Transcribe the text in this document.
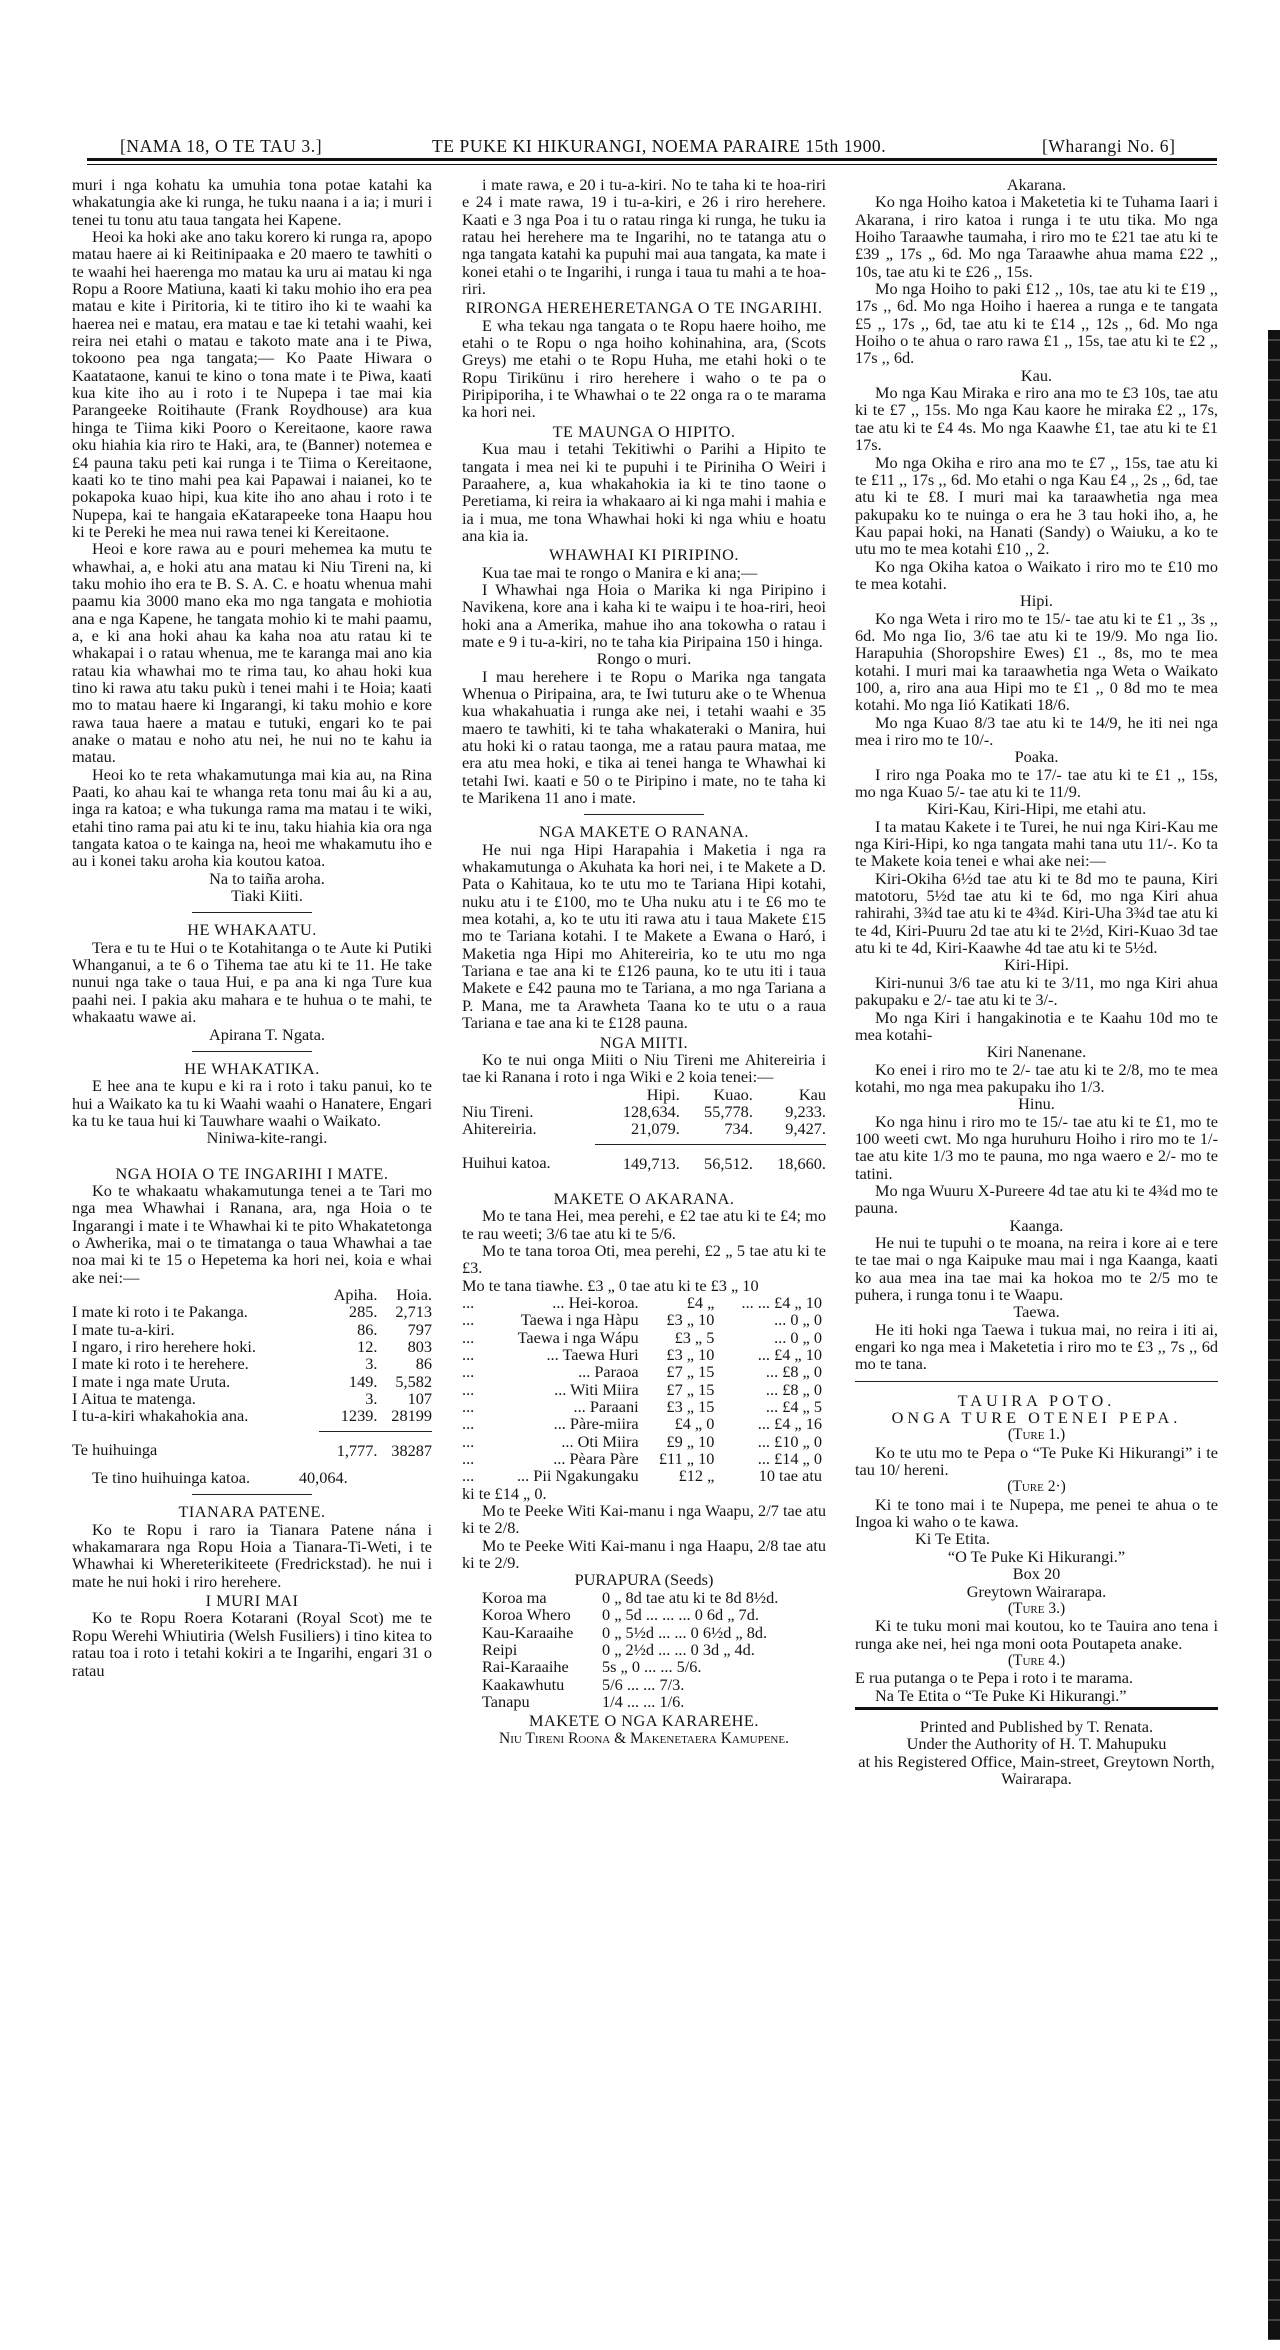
[NAMA 18, O TE TAU 3.]	TE PUKE KI HIKURANGI, NOEMA PARAIRE 15th 1900.	[Wharangi No. 6]

muri i nga kohatu ka umuhia tona potae katahi ka whakatungia ake ki runga, he tuku naana i a ia; i muri i tenei tu tonu atu taua tangata hei Kapene.

Heoi ka hoki ake ano taku korero ki runga ra, apopo matau haere ai ki Reitinipaaka e 20 maero te tawhiti o te waahi hei haerenga mo matau ka uru ai matau ki nga Ropu a Roore Matiuna, kaati ki taku mohio iho era pea matau e kite i Piritoria, ki te titiro iho ki te waahi ka haerea nei e matau, era matau e tae ki tetahi waahi, kei reira nei etahi o matau e takoto mate ana i te Piwa, tokoono pea nga tangata;— Ko Paate Hiwara o Kaatataone, kanui te kino o tona mate i te Piwa, kaati kua kite iho au i roto i te Nupepa i tae mai kia Parangeeke Roitihaute (Frank Roydhouse) ara kua hinga te Tiima kiki Pooro o Kereitaone, kaore rawa oku hiahia kia riro te Haki, ara, te (Banner) notemea e £4 pauna taku peti kai runga i te Tiima o Kereitaone, kaati ko te tino mahi pea kai Papawai i naianei, ko te pokapoka kuao hipi, kua kite iho ano ahau i roto i te Nupepa, kai te hangaia eKatarapeeke tona Haapu hou ki te Pereki he mea nui rawa tenei ki Kereitaone.

Heoi e kore rawa au e pouri mehemea ka mutu te whawhai, a, e hoki atu ana matau ki Niu Tireni na, ki taku mohio iho era te B. S. A. C. e hoatu whenua mahi paamu kia 3000 mano eka mo nga tangata e mohiotia ana e nga Kapene, he tangata mohio ki te mahi paamu, a, e ki ana hoki ahau ka kaha noa atu ratau ki te whakapai i o ratau whenua, me te karanga mai ano kia ratau kia whawhai mo te rima tau, ko ahau hoki kua tino ki rawa atu taku pukù i tenei mahi i te Hoia; kaati mo to matau haere ki Ingarangi, ki taku mohio e kore rawa taua haere a matau e tutuki, engari ko te pai anake o matau e noho atu nei, he nui no te kahu ia matau.

Heoi ko te reta whakamutunga mai kia au, na Rina Paati, ko ahau kai te whanga reta tonu mai âu ki a au, inga ra katoa; e wha tukunga rama ma matau i te wiki, etahi tino rama pai atu ki te inu, taku hiahia kia ora nga tangata katoa o te kainga na, heoi me whakamutu iho e au i konei taku aroha kia koutou katoa.

Na to taiña aroha.

Tiaki Kiiti.

HE WHAKAATU.

Tera e tu te Hui o te Kotahitanga o te Aute ki Putiki Whanganui, a te 6 o Tihema tae atu ki te 11. He take nunui nga take o taua Hui, e pa ana ki nga Ture kua paahi nei. I pakia aku mahara e te huhua o te mahi, te whakaatu wawe ai.

Apirana T. Ngata.

HE WHAKATIKA.

E hee ana te kupu e ki ra i roto i taku panui, ko te hui a Waikato ka tu ki Waahi waahi o Hanatere, Engari ka tu ke taua hui ki Tauwhare waahi o Waikato.

Niniwa-kite-rangi.

NGA HOIA O TE INGARIHI I MATE.

Ko te whakaatu whakamutunga tenei a te Tari mo nga mea Whawhai i Ranana, ara, nga Hoia o te Ingarangi i mate i te Whawhai ki te pito Whakatetonga o Awherika, mai o te timatanga o taua Whawhai a tae noa mai ki te 15 o Hepetema ka hori nei, koia e whai ake nei:—

	Apiha.	Hoia.
I mate ki roto i te Pakanga.	285.	2,713
I mate tu-a-kiri.	86.	797
I ngaro, i riro herehere hoki.	12.	803
I mate ki roto i te herehere.	3.	86
I mate i nga mate Uruta.	149.	5,582
I Aitua te matenga.	3.	107
I tu-a-kiri whakahokia ana.	1239.	28199

Te huihuinga	1,777.	38287
Te tino huihuinga katoa.   	40,064.

TIANARA PATENE.

Ko te Ropu i raro ia Tianara Patene nána i whakamarara nga Ropu Hoia a Tianara-Ti-Weti, i te Whawhai ki Whereterikiteete (Fredrickstad). he nui i mate he nui hoki i riro herehere.

I MURI MAI

Ko te Ropu Roera Kotarani (Royal Scot) me te Ropu Werehi Whiutiria (Welsh Fusiliers) i tino kitea to ratau toa i roto i tetahi kokiri a te Ingarihi, engari 31 o ratau

i mate rawa, e 20 i tu-a-kiri. No te taha ki te hoa-riri e 24 i mate rawa, 19 i tu-a-kiri, e 26 i riro herehere. Kaati e 3 nga Poa i tu o ratau ringa ki runga, he tuku ia ratau hei herehere ma te Ingarihi, no te tatanga atu o nga tangata katahi ka pupuhi mai aua tangata, ka mate i konei etahi o te Ingarihi, i runga i taua tu mahi a te hoa-riri.

RIRONGA HEREHERETANGA O TE INGARIHI.

E wha tekau nga tangata o te Ropu haere hoiho, me etahi o te Ropu o nga hoiho kohinahina, ara, (Scots Greys) me etahi o te Ropu Huha, me etahi hoki o te Ropu Tirikünu i riro herehere i waho o te pa o Piripiporiha, i te Whawhai o te 22 onga ra o te marama ka hori nei.

TE MAUNGA O HIPITO.

Kua mau i tetahi Tekitiwhi o Parihi a Hipito te tangata i mea nei ki te pupuhi i te Piriniha O Weiri i Paraahere, a, kua whakahokia ia ki te tino taone o Peretiama, ki reira ia whakaaro ai ki nga mahi i mahia e ia i mua, me tona Whawhai hoki ki nga whiu e hoatu ana kia ia.

WHAWHAI KI PIRIPINO.

Kua tae mai te rongo o Manira e ki ana;—

I Whawhai nga Hoia o Marika ki nga Piripino i Navikena, kore ana i kaha ki te waipu i te hoa-riri, heoi hoki ana a Amerika, mahue iho ana tokowha o ratau i mate e 9 i tu-a-kiri, no te taha kia Piripaina 150 i hinga.

Rongo o muri.

I mau herehere i te Ropu o Marika nga tangata Whenua o Piripaina, ara, te Iwi tuturu ake o te Whenua kua whakahuatia i runga ake nei, i tetahi waahi e 35 maero te tawhiti, ki te taha whakateraki o Manira, hui atu hoki ki o ratau taonga, me a ratau paura mataa, me era atu mea hoki, e tika ai tenei hanga te Whawhai ki tetahi Iwi. kaati e 50 o te Piripino i mate, no te taha ki te Marikena 11 ano i mate.

NGA MAKETE O RANANA.

He nui nga Hipi Harapahia i Maketia i nga ra whakamutunga o Akuhata ka hori nei, i te Makete a D. Pata o Kahitaua, ko te utu mo te Tariana Hipi kotahi, nuku atu i te £100, mo te Uha nuku atu i te £6 mo te mea kotahi, a, ko te utu iti rawa atu i taua Makete £15 mo te Tariana kotahi. I te Makete a Ewana o Haró, i Maketia nga Hipi mo Ahitereiria, ko te utu mo nga Tariana e tae ana ki te £126 pauna, ko te utu iti i taua Makete e £42 pauna mo te Tariana, a mo nga Tariana a P. Mana, me ta Arawheta Taana ko te utu o a raua Tariana e tae ana ki te £128 pauna.

NGA MIITI.

Ko te nui onga Miiti o Niu Tireni me Ahitereiria i tae ki Ranana i roto i nga Wiki e 2 koia tenei:—

	Hipi.	Kuao.	Kau
Niu Tireni.	128,634.	55,778.	9,233.
Ahitereiria.	21,079.	734.	9,427.

Huihui katoa.	149,713.	56,512.	18,660.

MAKETE O AKARANA.

Mo te tana Hei, mea perehi, e £2 tae atu ki te £4; mo te rau weeti; 3/6 tae atu ki te 5/6.

Mo te tana toroa Oti, mea perehi, £2 „ 5 tae atu ki te £3.

Mo te tana tiawhe. £3 „ 0 tae atu ki te £3 „ 10

...	... Hei-koroa.	£4 „	... ... £4 „ 10
...	Taewa i nga Hàpu	£3 „ 10	... 0 „ 0
...	Taewa i nga Wápu	£3 „ 5	... 0 „ 0
...	... Taewa Huri	£3 „ 10	... £4 „ 10
...	... Paraoa	£7 „ 15	... £8 „ 0
...	... Witi Miira	£7 „ 15	... £8 „ 0
...	... Paraani	£3 „ 15	... £4 „ 5
...	... Pàre-miira	£4 „ 0	... £4 „ 16
...	... Oti Miira	£9 „ 10	... £10 „ 0
...	... Pèara Pàre	£11 „ 10	... £14 „ 0
...	... Pii Ngakungaku	£12 „	10 tae atu

ki te £14 „ 0.

Mo te Peeke Witi Kai-manu i nga Waapu, 2/7 tae atu ki te 2/8.

Mo te Peeke Witi Kai-manu i nga Haapu, 2/8 tae atu ki te 2/9.

PURAPURA (Seeds)

Koroa ma	0 „ 8d tae atu ki te 8d 8½d.
Koroa Whero	0 „ 5d ... ... ... 0 6d „ 7d.
Kau-Karaaihe	0 „ 5½d ... ... 0 6½d „ 8d.
Reipi	0 „ 2½d ... ... 0 3d „ 4d.
Rai-Karaaihe	5s „ 0 ... ... 5/6.
Kaakawhutu	5/6 ... ... 7/3.
Tanapu	1/4 ... ... 1/6.

MAKETE O NGA KARAREHE.

Niu Tireni Roona & Makenetaera Kamupene.

Akarana.

Ko nga Hoiho katoa i Maketetia ki te Tuhama Iaari i Akarana, i riro katoa i runga i te utu tika. Mo nga Hoiho Taraawhe taumaha, i riro mo te £21 tae atu ki te £39 „ 17s „ 6d. Mo nga Taraawhe ahua mama £22 ,, 10s, tae atu ki te £26 ,, 15s.

Mo nga Hoiho to paki £12 ,, 10s, tae atu ki te £19 ,, 17s ,, 6d. Mo nga Hoiho i haerea a runga e te tangata £5 ,, 17s ,, 6d, tae atu ki te £14 ,, 12s ,, 6d. Mo nga Hoiho o te ahua o raro rawa £1 ,, 15s, tae atu ki te £2 ,, 17s ,, 6d.

Kau.

Mo nga Kau Miraka e riro ana mo te £3 10s, tae atu ki te £7 ,, 15s. Mo nga Kau kaore he miraka £2 ,, 17s, tae atu ki te £4 4s. Mo nga Kaawhe £1, tae atu ki te £1 17s.

Mo nga Okiha e riro ana mo te £7 ,, 15s, tae atu ki te £11 ,, 17s ,, 6d. Mo etahi o nga Kau £4 ,, 2s ,, 6d, tae atu ki te £8. I muri mai ka taraawhetia nga mea pakupaku ko te nuinga o era he 3 tau hoki iho, a, he Kau papai hoki, na Hanati (Sandy) o Waiuku, a ko te utu mo te mea kotahi £10 ,, 2.

Ko nga Okiha katoa o Waikato i riro mo te £10 mo te mea kotahi.

Hipi.

Ko nga Weta i riro mo te 15/- tae atu ki te £1 ,, 3s ,, 6d. Mo nga Iio, 3/6 tae atu ki te 19/9. Mo nga Iio. Harapuhia (Shoropshire Ewes) £1 ., 8s, mo te mea kotahi. I muri mai ka taraawhetia nga Weta o Waikato 100, a, riro ana aua Hipi mo te £1 ,, 0 8d mo te mea kotahi. Mo nga Iió Katikati 18/6.

Mo nga Kuao 8/3 tae atu ki te 14/9, he iti nei nga mea i riro mo te 10/-.

Poaka.

I riro nga Poaka mo te 17/- tae atu ki te £1 ,, 15s, mo nga Kuao 5/- tae atu ki te 11/9.

Kiri-Kau, Kiri-Hipi, me etahi atu.

I ta matau Kakete i te Turei, he nui nga Kiri-Kau me nga Kiri-Hipi, ko nga tangata mahi tana utu 11/-. Ko ta te Makete koia tenei e whai ake nei:—

Kiri-Okiha 6½d tae atu ki te 8d mo te pauna, Kiri matotoru, 5½d tae atu ki te 6d, mo nga Kiri ahua rahirahi, 3¾d tae atu ki te 4¾d. Kiri-Uha 3¾d tae atu ki te 4d, Kiri-Puuru 2d tae atu ki te 2½d, Kiri-Kuao 3d tae atu ki te 4d, Kiri-Kaawhe 4d tae atu ki te 5½d.

Kiri-Hipi.

Kiri-nunui 3/6 tae atu ki te 3/11, mo nga Kiri ahua pakupaku e 2/- tae atu ki te 3/-.

Mo nga Kiri i hangakinotia e te Kaahu 10d mo te mea kotahi-

Kiri Nanenane.

Ko enei i riro mo te 2/- tae atu ki te 2/8, mo te mea kotahi, mo nga mea pakupaku iho 1/3.

Hinu.

Ko nga hinu i riro mo te 15/- tae atu ki te £1, mo te 100 weeti cwt. Mo nga huruhuru Hoiho i riro mo te 1/- tae atu kite 1/3 mo te pauna, mo nga waero e 2/- mo te tatini.

Mo nga Wuuru X-Pureere 4d tae atu ki te 4¾d mo te pauna.

Kaanga.

He nui te tupuhi o te moana, na reira i kore ai e tere te tae mai o nga Kaipuke mau mai i nga Kaanga, kaati ko aua mea ina tae mai ka hokoa mo te 2/5 mo te puhera, i runga tonu i te Waapu.

Taewa.

He iti hoki nga Taewa i tukua mai, no reira i iti ai, engari ko nga mea i Maketetia i riro mo te £3 ,, 7s ,, 6d mo te tana.

TAUIRA POTO.

ONGA TURE OTENEI PEPA.

(Ture 1.)

Ko te utu mo te Pepa o “Te Puke Ki Hikurangi” i te tau 10/ hereni.

(Ture 2·)

Ki te tono mai i te Nupepa, me penei te ahua o te Ingoa ki waho o te kawa.

Ki Te Etita.

“O Te Puke Ki Hikurangi.”

Box 20

Greytown Wairarapa.

(Ture 3.)

Ki te tuku moni mai koutou, ko te Tauira ano tena i runga ake nei, hei nga moni oota Poutapeta anake.

(Ture 4.)

E rua putanga o te Pepa i roto i te marama.

Na Te Etita o “Te Puke Ki Hikurangi.”

Printed and Published by T. Renata.

Under the Authority of H. T. Mahupuku

at his Registered Office, Main-street, Greytown North, Wairarapa.
